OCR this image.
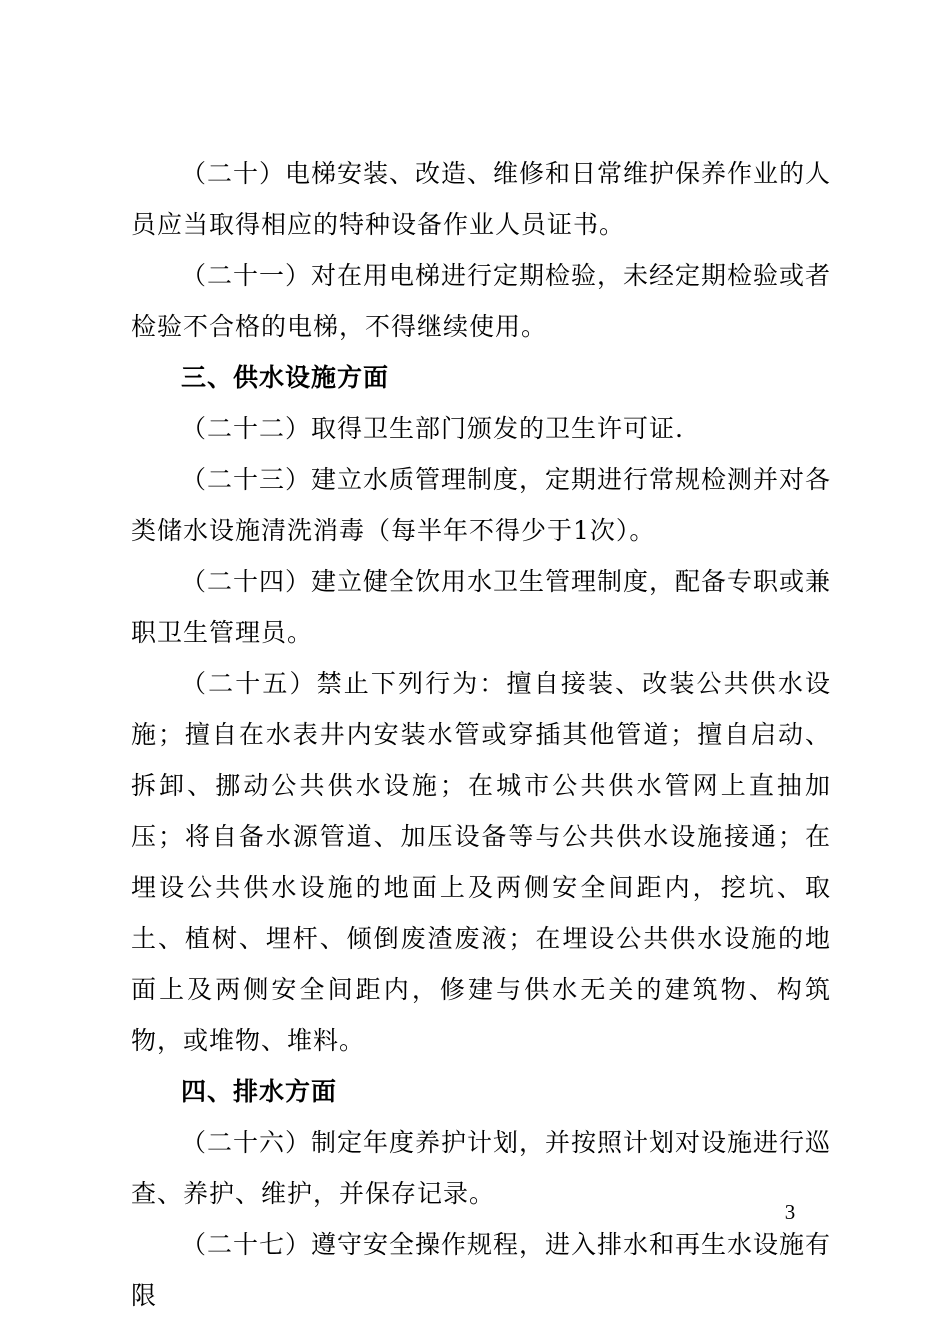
（二十）电梯安装、改造、维修和日常维护保养作业的人员应当取得相应的特种设备作业人员证书。

（二十一）对在用电梯进行定期检验，未经定期检验或者检验不合格的电梯，不得继续使用。

三、供水设施方面

（二十二）取得卫生部门颁发的卫生许可证.

（二十三）建立水质管理制度，定期进行常规检测并对各类储水设施清洗消毒（每半年不得少于1次）。

（二十四）建立健全饮用水卫生管理制度，配备专职或兼职卫生管理员。

（二十五）禁止下列行为：擅自接装、改装公共供水设施；擅自在水表井内安装水管或穿插其他管道；擅自启动、拆卸、挪动公共供水设施；在城市公共供水管网上直抽加压；将自备水源管道、加压设备等与公共供水设施接通；在埋设公共供水设施的地面上及两侧安全间距内，挖坑、取土、植树、埋杆、倾倒废渣废液；在埋设公共供水设施的地面上及两侧安全间距内，修建与供水无关的建筑物、构筑物，或堆物、堆料。

四、排水方面

（二十六）制定年度养护计划，并按照计划对设施进行巡查、养护、维护，并保存记录。

（二十七）遵守安全操作规程，进入排水和再生水设施有限

3
